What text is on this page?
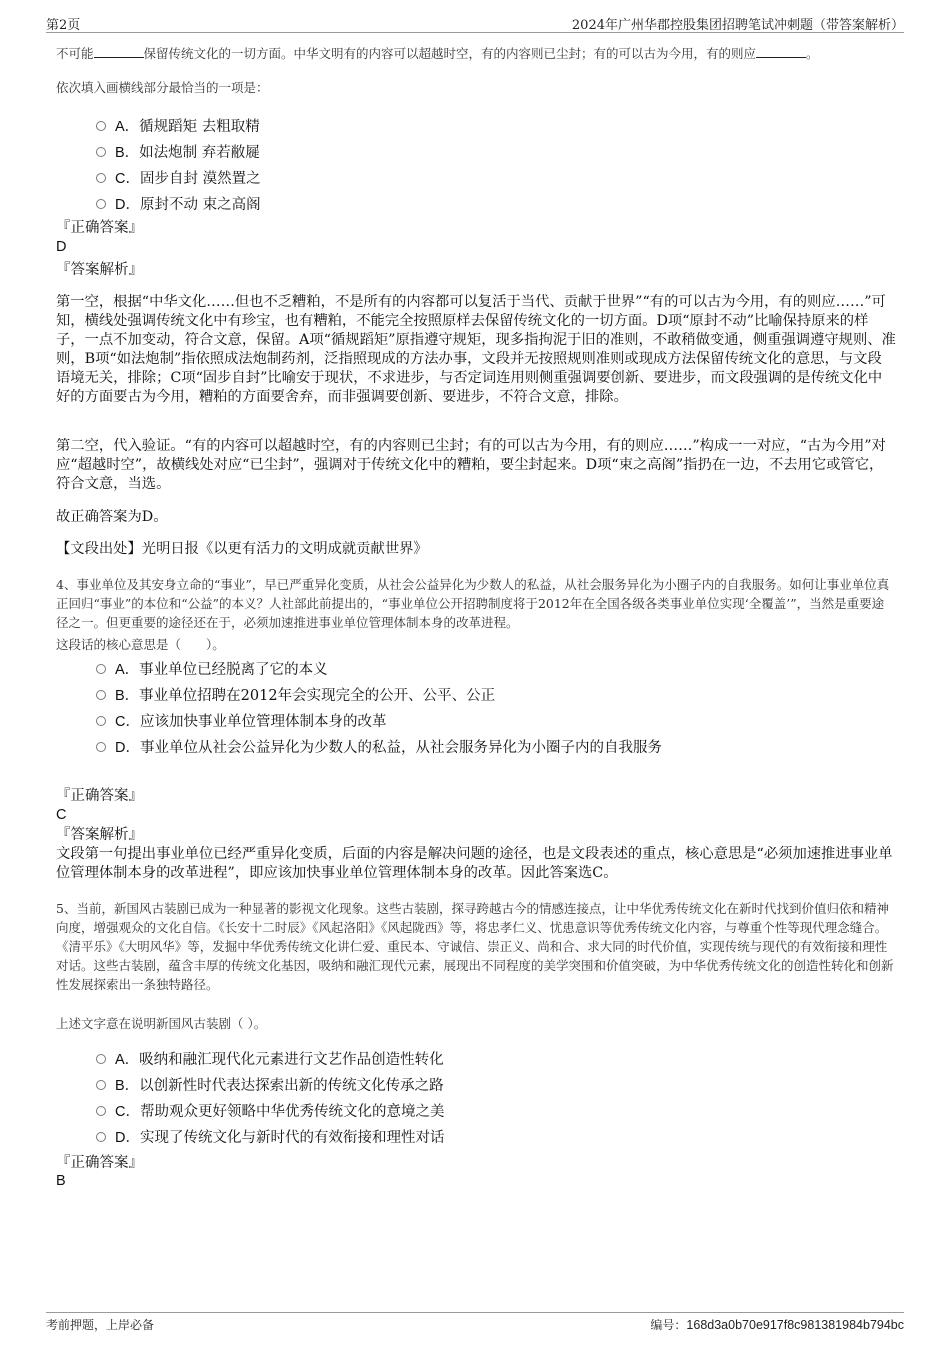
第2页	2024年广州华郡控股集团招聘笔试冲刺题（带答案解析）
不可能	保留传统文化的一切方面。中华文明有的内容可以超越时空，有的内容则已尘封；有的可以古为今用，有的则应	。
依次填入画横线部分最恰当的一项是：
A．循规蹈矩 去粗取精
B．如法炮制 弃若敝屣
C．固步自封 漠然置之
D．原封不动 束之高阁
『正确答案』
D
『答案解析』
第一空，根据“中华文化……但也不乏糟粕，不是所有的内容都可以复活于当代、贡献于世界”“有的可以古为今用，有的则应……”可知，横线处强调传统文化中有珍宝，也有糟粕，不能完全按照原样去保留传统文化的一切方面。D项“原封不动”比喻保持原来的样子，一点不加变动，符合文意，保留。A项“循规蹈矩”原指遵守规矩，现多指拘泥于旧的准则，不敢稍做变通，侧重强调遵守规则、准则，B项“如法炮制”指依照成法炮制药剂，泛指照现成的方法办事，文段并无按照规则准则或现成方法保留传统文化的意思，与文段语境无关，排除；C项“固步自封”比喻安于现状，不求进步，与否定词连用则侧重强调要创新、要进步，而文段强调的是传统文化中好的方面要古为今用，糟粕的方面要舍弃，而非强调要创新、要进步，不符合文意，排除。
第二空，代入验证。“有的内容可以超越时空，有的内容则已尘封；有的可以古为今用，有的则应……”构成一一对应，“古为今用”对应“超越时空”，故横线处对应“已尘封”，强调对于传统文化中的糟粕，要尘封起来。D项“束之高阁”指扔在一边，不去用它或管它，符合文意，当选。
故正确答案为D。
【文段出处】光明日报《以更有活力的文明成就贡献世界》
4、事业单位及其安身立命的“事业”，早已严重异化变质，从社会公益异化为少数人的私益，从社会服务异化为小圈子内的自我服务。如何让事业单位真正回归“事业”的本位和“公益”的本义？人社部此前提出的，“事业单位公开招聘制度将于2012年在全国各级各类事业单位实现‘全覆盖’”，当然是重要途径之一。但更重要的途径还在于，必须加速推进事业单位管理体制本身的改革进程。
这段话的核心意思是（　　）。
A．事业单位已经脱离了它的本义
B．事业单位招聘在2012年会实现完全的公开、公平、公正
C．应该加快事业单位管理体制本身的改革
D．事业单位从社会公益异化为少数人的私益，从社会服务异化为小圈子内的自我服务
『正确答案』
C
『答案解析』
文段第一句提出事业单位已经严重异化变质，后面的内容是解决问题的途径，也是文段表述的重点，核心意思是“必须加速推进事业单位管理体制本身的改革进程”，即应该加快事业单位管理体制本身的改革。因此答案选C。
5、当前，新国风古装剧已成为一种显著的影视文化现象。这些古装剧，探寻跨越古今的情感连接点，让中华优秀传统文化在新时代找到价值归依和精神向度，增强观众的文化自信。《长安十二时辰》《风起洛阳》《风起陇西》等，将忠孝仁义、忧患意识等优秀传统文化内容，与尊重个性等现代理念缝合。《清平乐》《大明风华》等，发掘中华优秀传统文化讲仁爱、重民本、守诚信、崇正义、尚和合、求大同的时代价值，实现传统与现代的有效衔接和理性对话。这些古装剧，蕴含丰厚的传统文化基因，吸纳和融汇现代元素，展现出不同程度的美学突围和价值突破，为中华优秀传统文化的创造性转化和创新性发展探索出一条独特路径。
上述文字意在说明新国风古装剧（ ）。
A．吸纳和融汇现代化元素进行文艺作品创造性转化
B．以创新性时代表达探索出新的传统文化传承之路
C．帮助观众更好领略中华优秀传统文化的意境之美
D．实现了传统文化与新时代的有效衔接和理性对话
『正确答案』
B
考前押题，上岸必备	编号：168d3a0b70e917f8c981381984b794bc
